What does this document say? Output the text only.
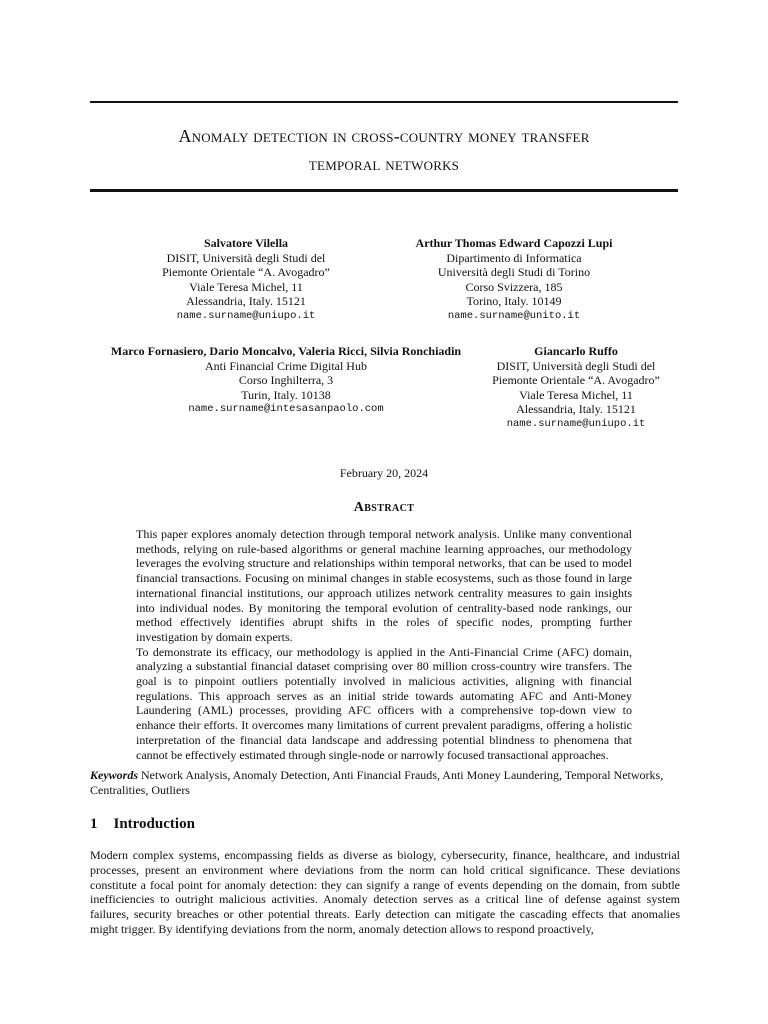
Anomaly detection in cross-country money transfer
temporal networks
Salvatore Vilella
DISIT, Università degli Studi del
Piemonte Orientale “A. Avogadro”
Viale Teresa Michel, 11
Alessandria, Italy. 15121
name.surname@uniupo.it
Arthur Thomas Edward Capozzi Lupi
Dipartimento di Informatica
Università degli Studi di Torino
Corso Svizzera, 185
Torino, Italy. 10149
name.surname@unito.it
Marco Fornasiero, Dario Moncalvo, Valeria Ricci, Silvia Ronchiadin
Anti Financial Crime Digital Hub
Corso Inghilterra, 3
Turin, Italy. 10138
name.surname@intesasanpaolo.com
Giancarlo Ruffo
DISIT, Università degli Studi del
Piemonte Orientale “A. Avogadro”
Viale Teresa Michel, 11
Alessandria, Italy. 15121
name.surname@uniupo.it
February 20, 2024
Abstract

This paper explores anomaly detection through temporal network analysis. Unlike many conventional methods, relying on rule-based algorithms or general machine learning approaches, our methodology leverages the evolving structure and relationships within temporal networks, that can be used to model financial transactions. Focusing on minimal changes in stable ecosystems, such as those found in large international financial institutions, our approach utilizes network centrality measures to gain insights into individual nodes. By monitoring the temporal evolution of centrality-based node rankings, our method effectively identifies abrupt shifts in the roles of specific nodes, prompting further investigation by domain experts.

To demonstrate its efficacy, our methodology is applied in the Anti-Financial Crime (AFC) domain, analyzing a substantial financial dataset comprising over 80 million cross-country wire transfers. The goal is to pinpoint outliers potentially involved in malicious activities, aligning with financial regulations. This approach serves as an initial stride towards automating AFC and Anti-Money Laundering (AML) processes, providing AFC officers with a comprehensive top-down view to enhance their efforts. It overcomes many limitations of current prevalent paradigms, offering a holistic interpretation of the financial data landscape and addressing potential blindness to phenomena that cannot be effectively estimated through single-node or narrowly focused transactional approaches.

Keywords Network Analysis, Anomaly Detection, Anti Financial Frauds, Anti Money Laundering, Temporal Networks, Centralities, Outliers
1 Introduction

Modern complex systems, encompassing fields as diverse as biology, cybersecurity, finance, healthcare, and industrial processes, present an environment where deviations from the norm can hold critical significance. These deviations constitute a focal point for anomaly detection: they can signify a range of events depending on the domain, from subtle inefficiencies to outright malicious activities. Anomaly detection serves as a critical line of defense against system failures, security breaches or other potential threats. Early detection can mitigate the cascading effects that anomalies might trigger. By identifying deviations from the norm, anomaly detection allows to respond proactively,
